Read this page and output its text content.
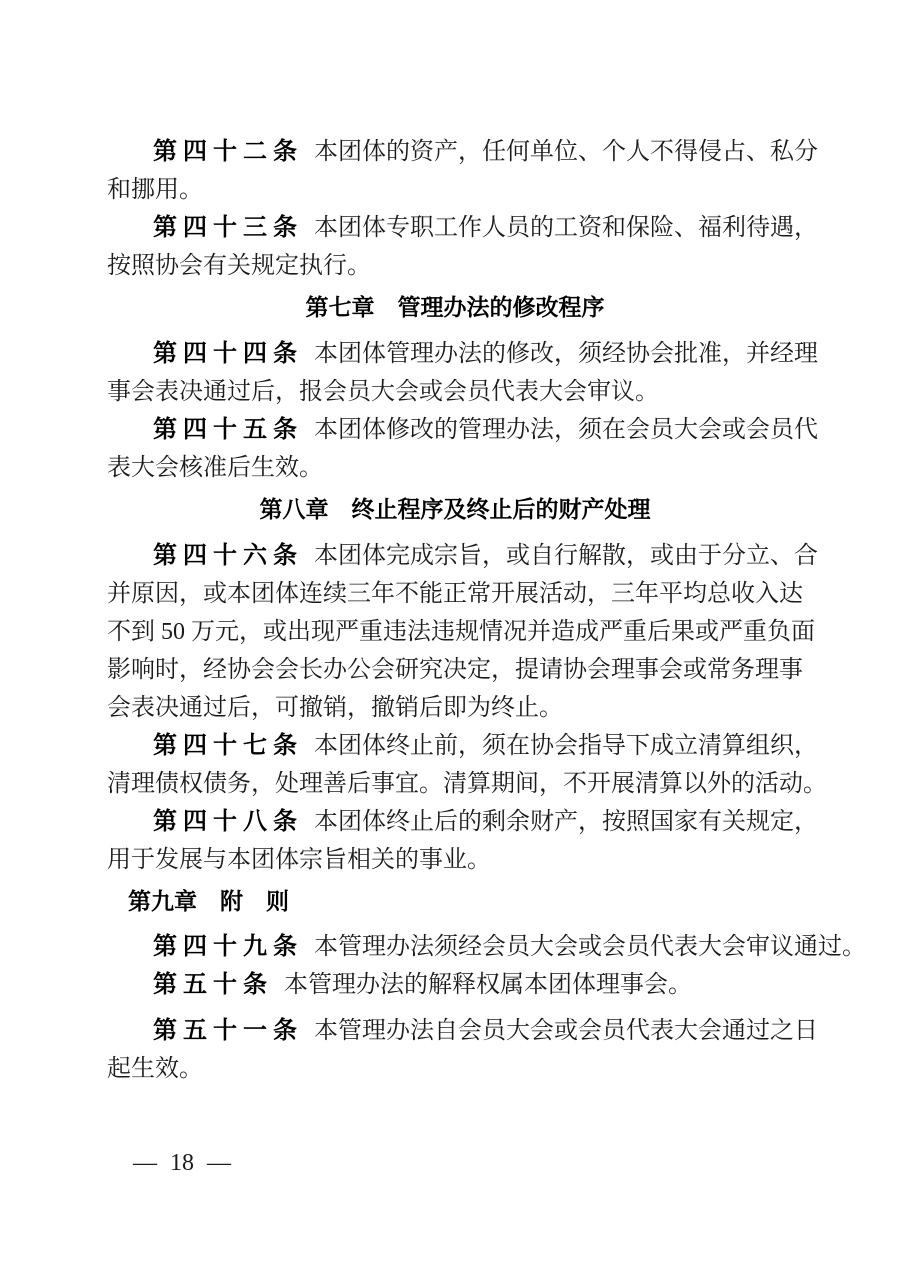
第四十二条 本团体的资产，任何单位、个人不得侵占、私分
和挪用。
第四十三条 本团体专职工作人员的工资和保险、福利待遇，
按照协会有关规定执行。
第七章　管理办法的修改程序
第四十四条 本团体管理办法的修改，须经协会批准，并经理
事会表决通过后，报会员大会或会员代表大会审议。
第四十五条 本团体修改的管理办法，须在会员大会或会员代
表大会核准后生效。
第八章　终止程序及终止后的财产处理
第四十六条 本团体完成宗旨，或自行解散，或由于分立、合
并原因，或本团体连续三年不能正常开展活动，三年平均总收入达
不到 50 万元，或出现严重违法违规情况并造成严重后果或严重负面
影响时，经协会会长办公会研究决定，提请协会理事会或常务理事
会表决通过后，可撤销，撤销后即为终止。
第四十七条 本团体终止前，须在协会指导下成立清算组织，
清理债权债务，处理善后事宜。清算期间，不开展清算以外的活动。
第四十八条 本团体终止后的剩余财产，按照国家有关规定，
用于发展与本团体宗旨相关的事业。
第九章　附　则
第四十九条 本管理办法须经会员大会或会员代表大会审议通过。
第五十条 本管理办法的解释权属本团体理事会。
第五十一条 本管理办法自会员大会或会员代表大会通过之日
起生效。
— 18 —
